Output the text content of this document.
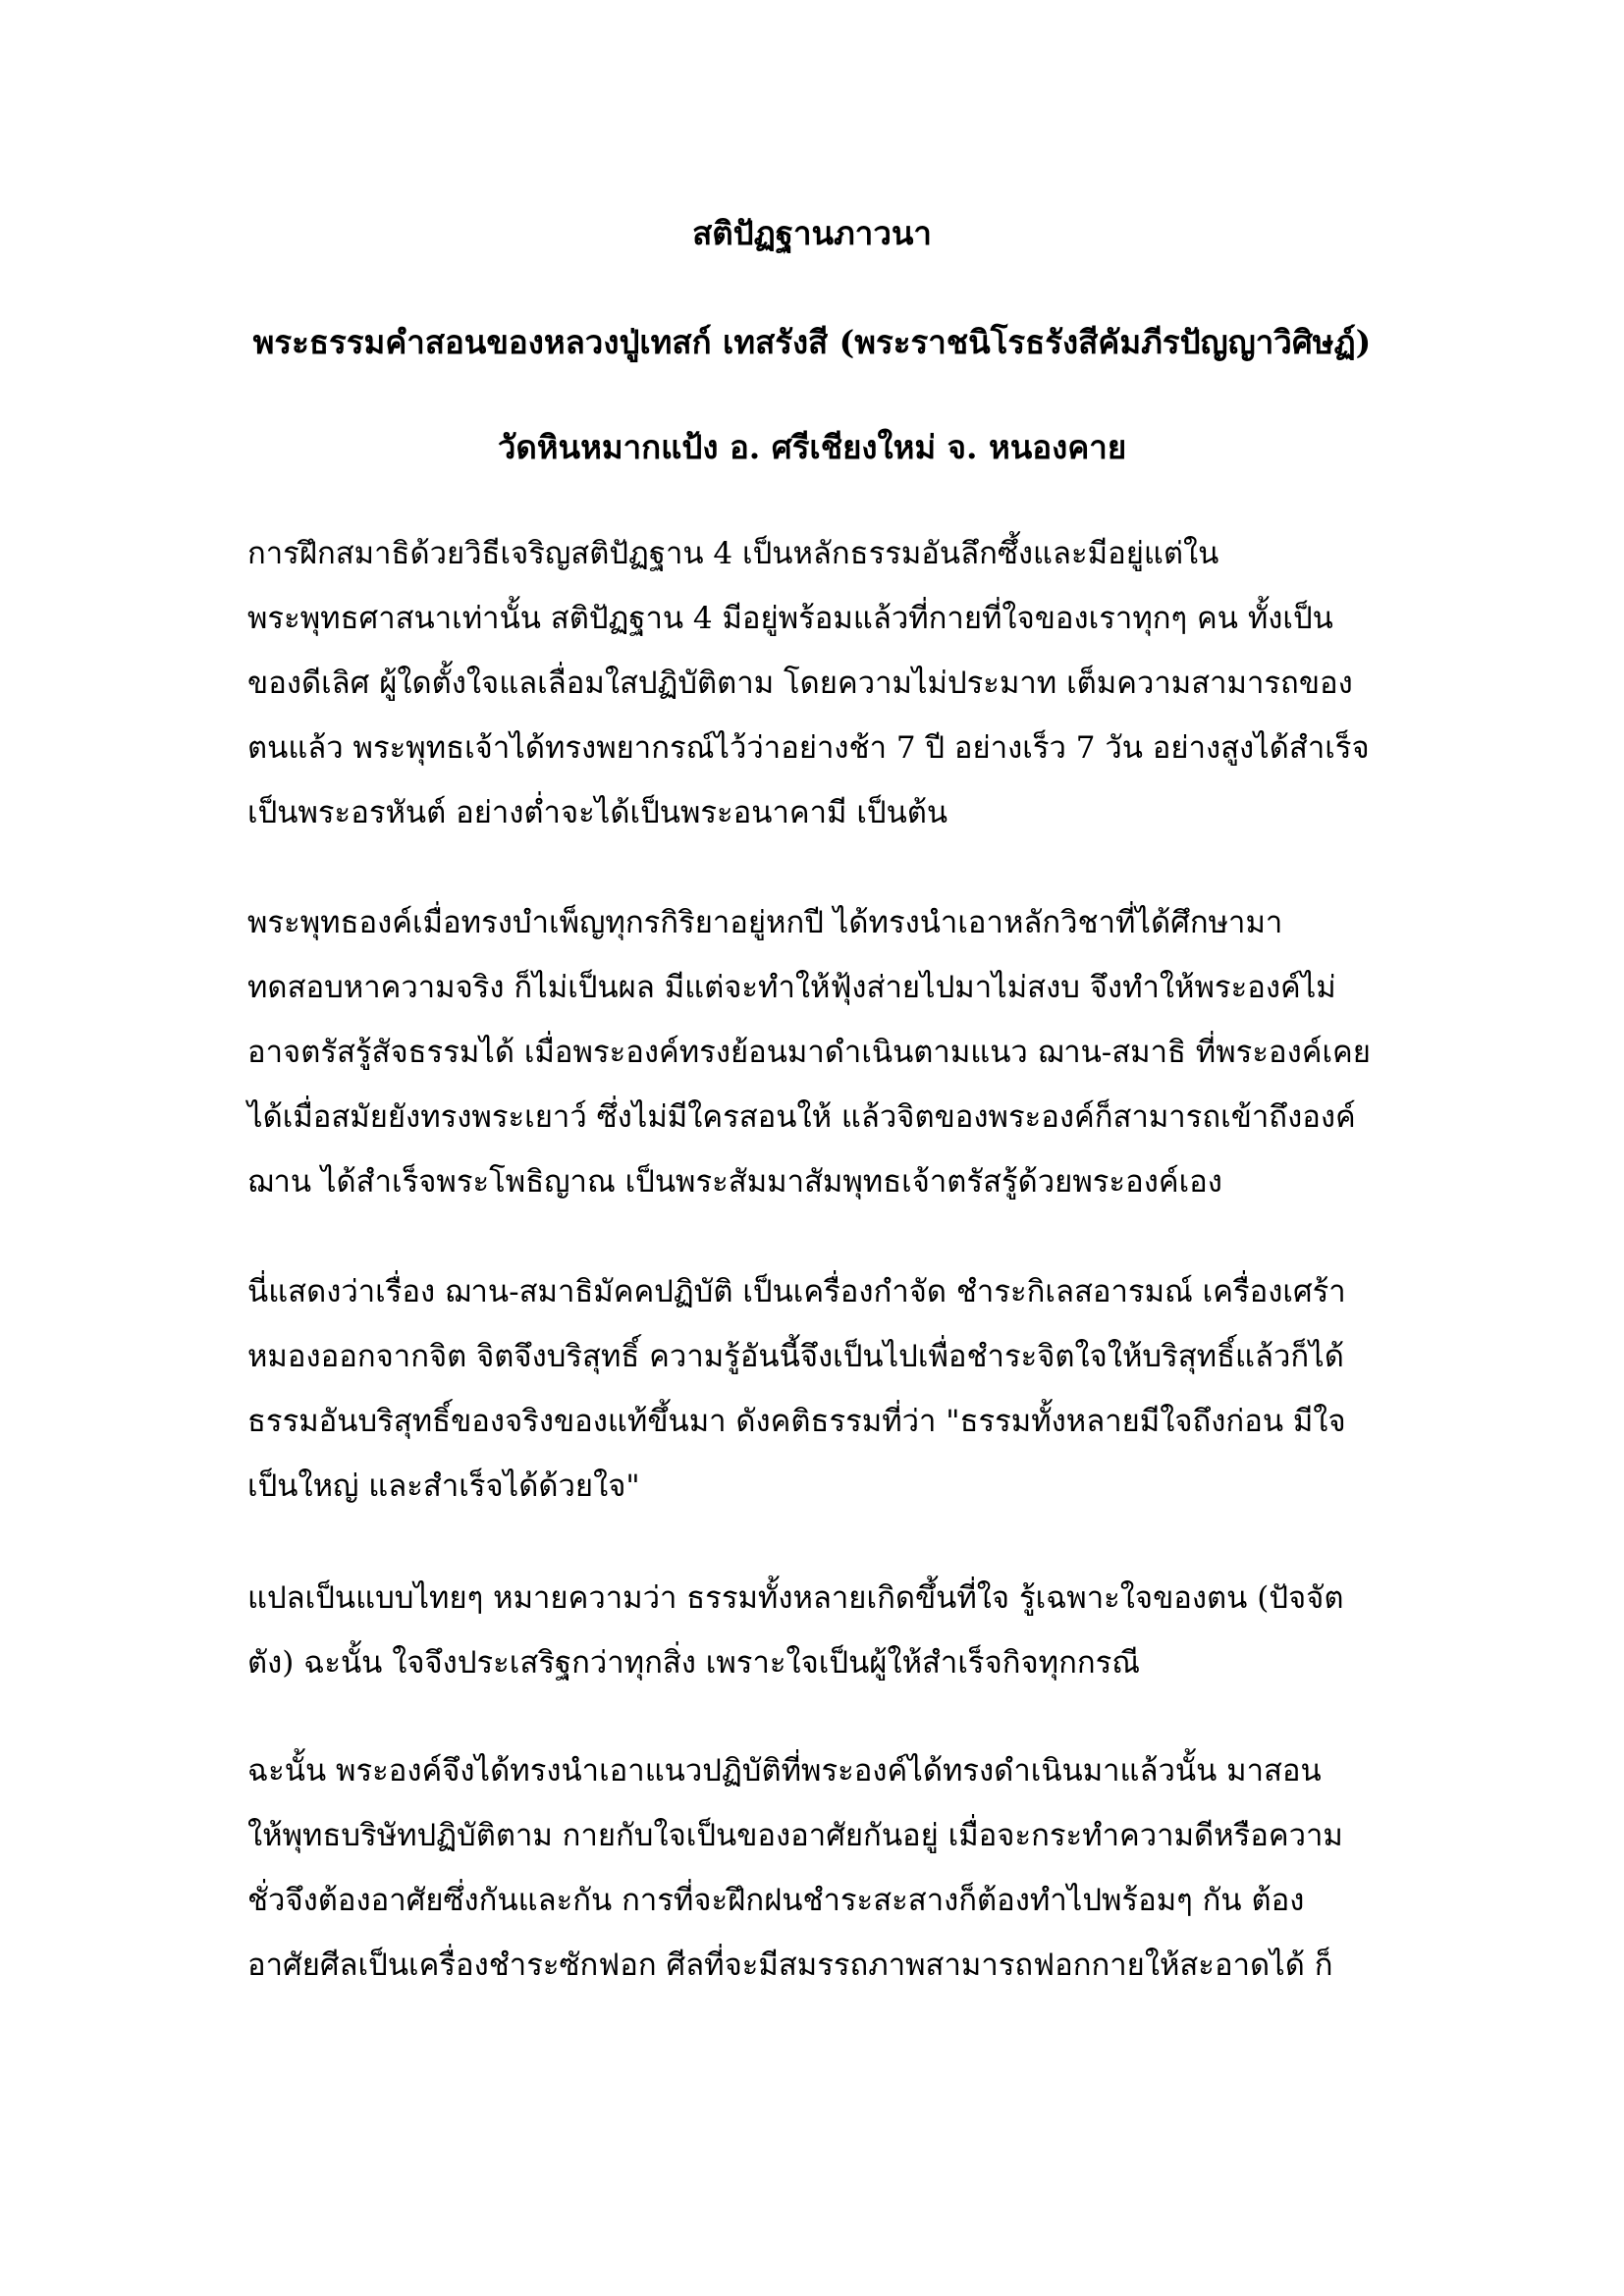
สติปัฏฐานภาวนา
พระธรรมคำสอนของหลวงปู่เทสก์ เทสรังสี (พระราชนิโรธรังสีคัมภีรปัญญาวิศิษฏ์)
วัดหินหมากแป้ง อ. ศรีเชียงใหม่ จ. หนองคาย

การฝึกสมาธิด้วยวิธีเจริญสติปัฏฐาน 4 เป็นหลักธรรมอันลึกซึ้งและมีอยู่แต่ใน

พระพุทธศาสนาเท่านั้น สติปัฏฐาน 4 มีอยู่พร้อมแล้วที่กายที่ใจของเราทุกๆ คน ทั้งเป็น

ของดีเลิศ ผู้ใดตั้งใจแลเลื่อมใสปฏิบัติตาม โดยความไม่ประมาท เต็มความสามารถของ

ตนแล้ว พระพุทธเจ้าได้ทรงพยากรณ์ไว้ว่าอย่างช้า 7 ปี อย่างเร็ว 7 วัน อย่างสูงได้สำเร็จ

เป็นพระอรหันต์ อย่างต่ำจะได้เป็นพระอนาคามี เป็นต้น

พระพุทธองค์เมื่อทรงบำเพ็ญทุกรกิริยาอยู่หกปี ได้ทรงนำเอาหลักวิชาที่ได้ศึกษามา

ทดสอบหาความจริง ก็ไม่เป็นผล มีแต่จะทำให้ฟุ้งส่ายไปมาไม่สงบ จึงทำให้พระองค์ไม่

อาจตรัสรู้สัจธรรมได้ เมื่อพระองค์ทรงย้อนมาดำเนินตามแนว ฌาน-สมาธิ ที่พระองค์เคย

ได้เมื่อสมัยยังทรงพระเยาว์ ซึ่งไม่มีใครสอนให้ แล้วจิตของพระองค์ก็สามารถเข้าถึงองค์

ฌาน ได้สำเร็จพระโพธิญาณ เป็นพระสัมมาสัมพุทธเจ้าตรัสรู้ด้วยพระองค์เอง

นี่แสดงว่าเรื่อง ฌาน-สมาธิมัคคปฏิบัติ เป็นเครื่องกำจัด ชำระกิเลสอารมณ์ เครื่องเศร้า

หมองออกจากจิต จิตจึงบริสุทธิ์ ความรู้อันนี้จึงเป็นไปเพื่อชำระจิตใจให้บริสุทธิ์แล้วก็ได้

ธรรมอันบริสุทธิ์ของจริงของแท้ขึ้นมา ดังคติธรรมที่ว่า "ธรรมทั้งหลายมีใจถึงก่อน มีใจ

เป็นใหญ่ และสำเร็จได้ด้วยใจ"

แปลเป็นแบบไทยๆ หมายความว่า ธรรมทั้งหลายเกิดขึ้นที่ใจ รู้เฉพาะใจของตน (ปัจจัต

ตัง) ฉะนั้น ใจจึงประเสริฐกว่าทุกสิ่ง เพราะใจเป็นผู้ให้สำเร็จกิจทุกกรณี

ฉะนั้น พระองค์จึงได้ทรงนำเอาแนวปฏิบัติที่พระองค์ได้ทรงดำเนินมาแล้วนั้น มาสอน

ให้พุทธบริษัทปฏิบัติตาม กายกับใจเป็นของอาศัยกันอยู่ เมื่อจะกระทำความดีหรือความ

ชั่วจึงต้องอาศัยซึ่งกันและกัน การที่จะฝึกฝนชำระสะสางก็ต้องทำไปพร้อมๆ กัน ต้อง

อาศัยศีลเป็นเครื่องชำระซักฟอก ศีลที่จะมีสมรรถภาพสามารถฟอกกายให้สะอาดได้ ก็
